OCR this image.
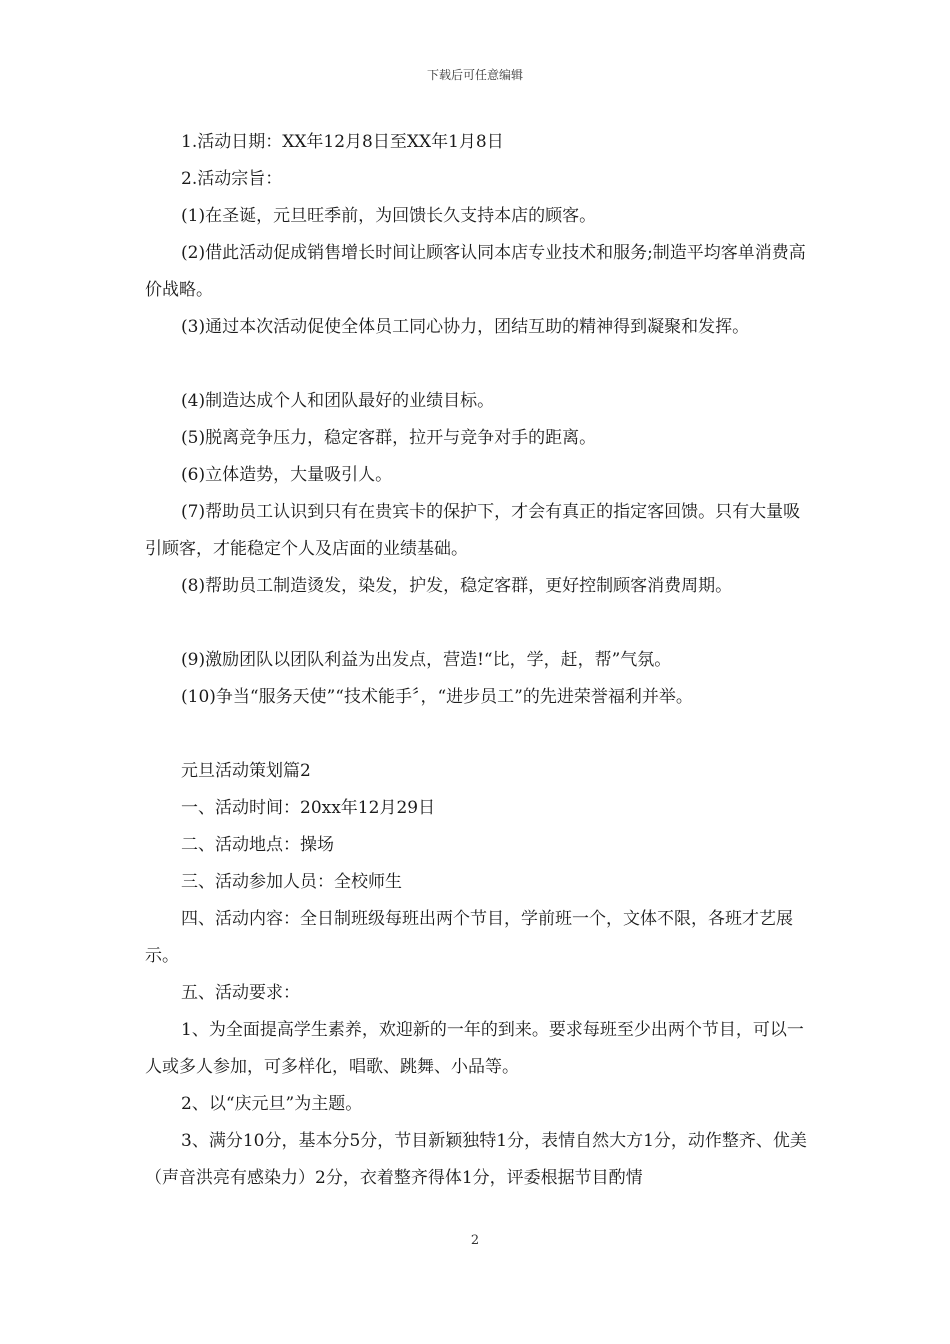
下载后可任意编辑

1.活动日期：XX年12月8日至XX年1月8日

2.活动宗旨：

(1)在圣诞，元旦旺季前，为回馈长久支持本店的顾客。

(2)借此活动促成销售增长时间让顾客认同本店专业技术和服务;制造平均客单消费高价战略。

(3)通过本次活动促使全体员工同心协力，团结互助的精神得到凝聚和发挥。

(4)制造达成个人和团队最好的业绩目标。

(5)脱离竞争压力，稳定客群，拉开与竞争对手的距离。

(6)立体造势，大量吸引人。

(7)帮助员工认识到只有在贵宾卡的保护下，才会有真正的指定客回馈。只有大量吸引顾客，才能稳定个人及店面的业绩基础。

(8)帮助员工制造烫发，染发，护发，稳定客群，更好控制顾客消费周期。

(9)激励团队以团队利益为出发点，营造!“比，学，赶，帮”气氛。

(10)争当“服务天使”“技术能手〞，“进步员工”的先进荣誉福利并举。

元旦活动策划篇2

一、活动时间：20xx年12月29日

二、活动地点：操场

三、活动参加人员：全校师生

四、活动内容：全日制班级每班出两个节目，学前班一个，文体不限，各班才艺展示。

五、活动要求：

1、为全面提高学生素养，欢迎新的一年的到来。要求每班至少出两个节目，可以一人或多人参加，可多样化，唱歌、跳舞、小品等。

2、以“庆元旦”为主题。

3、满分10分，基本分5分，节目新颖独特1分，表情自然大方1分，动作整齐、优美（声音洪亮有感染力）2分，衣着整齐得体1分，评委根据节目酌情

2
